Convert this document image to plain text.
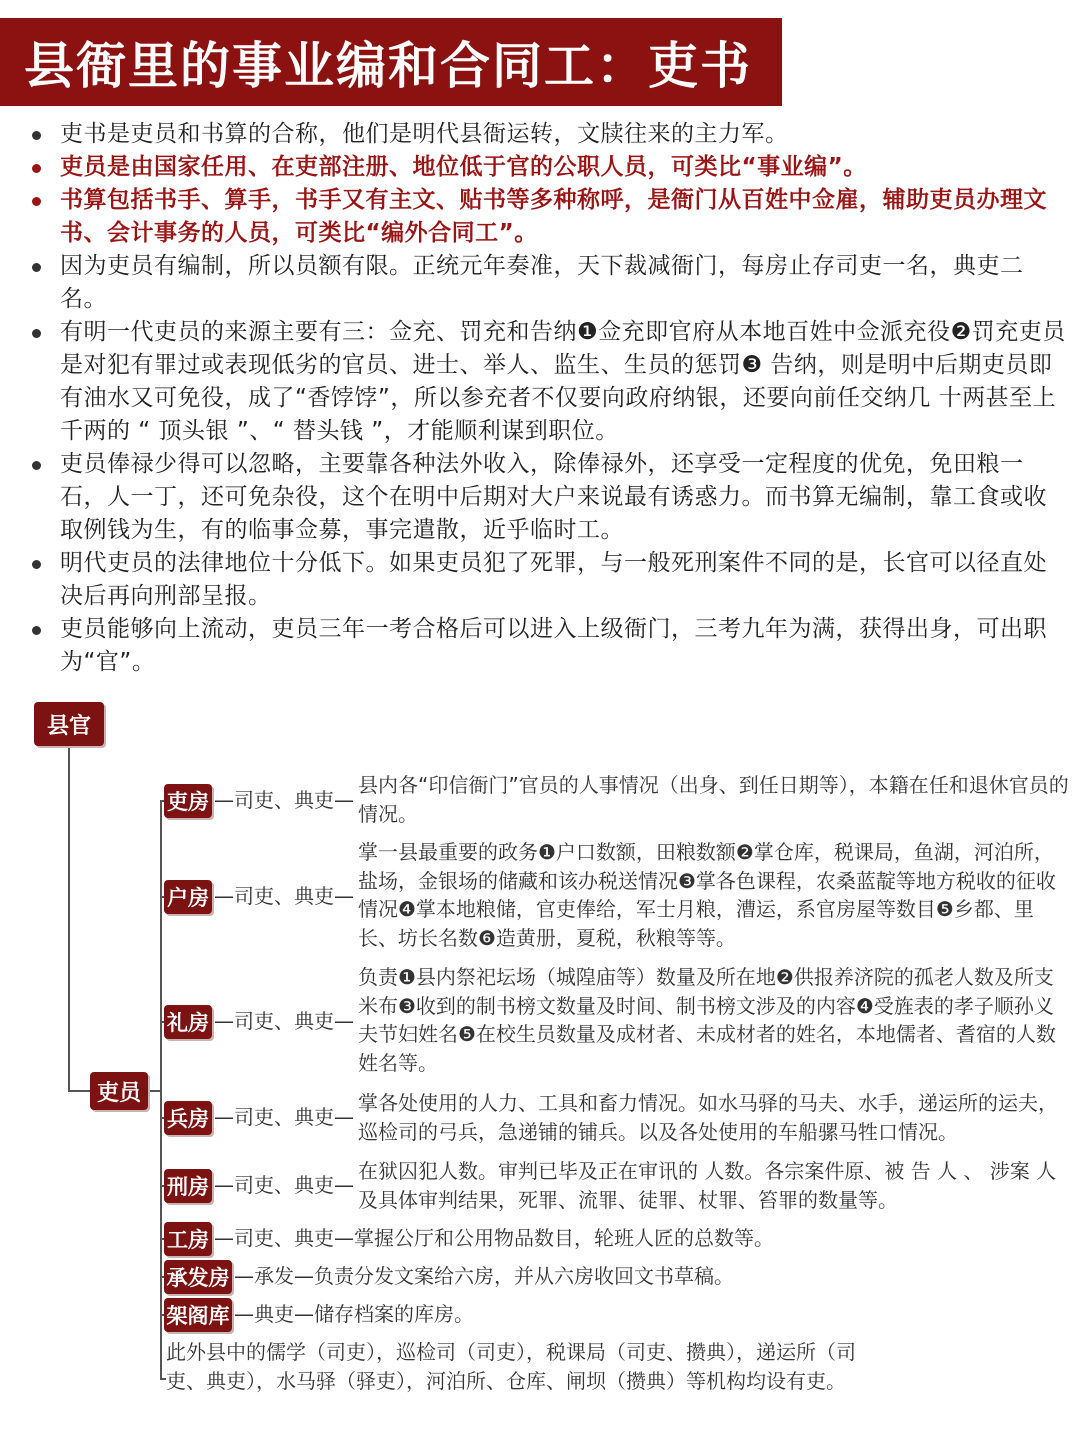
县衙里的事业编和合同工：吏书
吏书是吏员和书算的合称，他们是明代县衙运转，文牍往来的主力军。
吏员是由国家任用、在吏部注册、地位低于官的公职人员，可类比“事业编”。
书算包括书手、算手，书手又有主文、贴书等多种称呼，是衙门从百姓中佥雇，辅助吏员办理文书、会计事务的人员，可类比“编外合同工”。
因为吏员有编制，所以员额有限。正统元年奏准，天下裁减衙门，每房止存司吏一名，典吏二名。
有明一代吏员的来源主要有三：佥充、罚充和告纳❶佥充即官府从本地百姓中佥派充役❷罚充吏员是对犯有罪过或表现低劣的官员、进士、举人、监生、生员的惩罚❸ 告纳，则是明中后期吏员即有油水又可免役，成了“香饽饽”，所以参充者不仅要向政府纳银，还要向前任交纳几 十两甚至上千两的 “ 顶头银 ”、“ 替头钱 ”，才能顺利谋到职位。
吏员俸禄少得可以忽略，主要靠各种法外收入，除俸禄外，还享受一定程度的优免，免田粮一石，人一丁，还可免杂役，这个在明中后期对大户来说最有诱惑力。而书算无编制，靠工食或收取例钱为生，有的临事佥募，事完遣散，近乎临时工。
明代吏员的法律地位十分低下。如果吏员犯了死罪，与一般死刑案件不同的是，长官可以径直处决后再向刑部呈报。
吏员能够向上流动，吏员三年一考合格后可以进入上级衙门，三考九年为满，获得出身，可出职为“官”。
县官
吏员
吏房 —司吏、典吏—
县内各“印信衙门”官员的人事情况（出身、到任日期等），本籍在任和退休官员的情况。
户房 —司吏、典吏—
掌一县最重要的政务❶户口数额，田粮数额❷掌仓库，税课局，鱼湖，河泊所，盐场，金银场的储藏和该办税送情况❸掌各色课程，农桑蓝靛等地方税收的征收情况❹掌本地粮储，官吏俸给，军士月粮，漕运，系官房屋等数目❺乡都、里长、坊长名数❻造黄册，夏税，秋粮等等。
礼房 —司吏、典吏—
负责❶县内祭祀坛场（城隍庙等）数量及所在地❷供报养济院的孤老人数及所支米布❸收到的制书榜文数量及时间、制书榜文涉及的内容❹受旌表的孝子顺孙义夫节妇姓名❺在校生员数量及成材者、未成材者的姓名，本地儒者、耆宿的人数姓名等。
兵房 —司吏、典吏—
掌各处使用的人力、工具和畜力情况。如水马驿的马夫、水手，递运所的运夫，巡检司的弓兵，急递铺的铺兵。以及各处使用的车船骡马牲口情况。
刑房 —司吏、典吏—
在狱囚犯人数。审判已毕及正在审讯的 人数。各宗案件原、被 告 人 、 涉案 人 及具体审判结果，死罪、流罪、徒罪、杖罪、笞罪的数量等。
工房 —司吏、典吏—掌握公厅和公用物品数目，轮班人匠的总数等。
承发房 —承发—负责分发文案给六房，并从六房收回文书草稿。
架阁库 —典吏—储存档案的库房。
此外县中的儒学（司吏），巡检司（司吏），税课局（司吏、攒典），递运所（司吏、典吏），水马驿（驿吏），河泊所、仓库、闸坝（攒典）等机构均设有吏。
